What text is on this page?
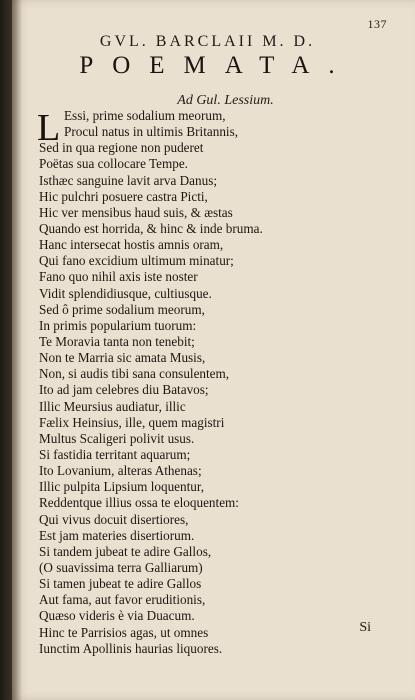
137
GVL. BARCLAII M. D.
POEMATA.
Ad Gul. Lessium.
L Essi, prime sodalium meorum,
Procul natus in ultimis Britannis,
Sed in qua regione non puderet
Poëtas sua collocare Tempe.
Isthæc sanguine lavit arva Danus;
Hic pulchri posuere castra Picti,
Hic ver mensibus haud suis, & æstas
Quando est horrida, & hinc & inde bruma.
Hanc intersecat hostis amnis oram,
Qui fano excidium ultimum minatur;
Fano quo nihil axis iste noster
Vidit splendidiusque, cultiusque.
Sed ô prime sodalium meorum,
In primis popularium tuorum:
Te Moravia tanta non tenebit;
Non te Marria sic amata Musis,
Non, si audis tibi sana consulentem,
Ito ad jam celebres diu Batavos;
Illic Meursius audiatur, illic
Fælix Heinsius, ille, quem magistri
Multus Scaligeri polivit usus.
Si fastidia territant aquarum;
Ito Lovanium, alteras Athenas;
Illic pulpita Lipsium loquentur,
Reddentque illius ossa te eloquentem:
Qui vivus docuit disertiores,
Est jam materies disertiorum.
Si tandem jubeat te adire Gallos,
(O suavissima terra Galliarum)
Si tamen jubeat te adire Gallos
Aut fama, aut favor eruditionis,
Quæso videris è via Duacum.
Hinc te Parrisios agas, ut omnes
Iunctim Apollinis haurias liquores.
Si
